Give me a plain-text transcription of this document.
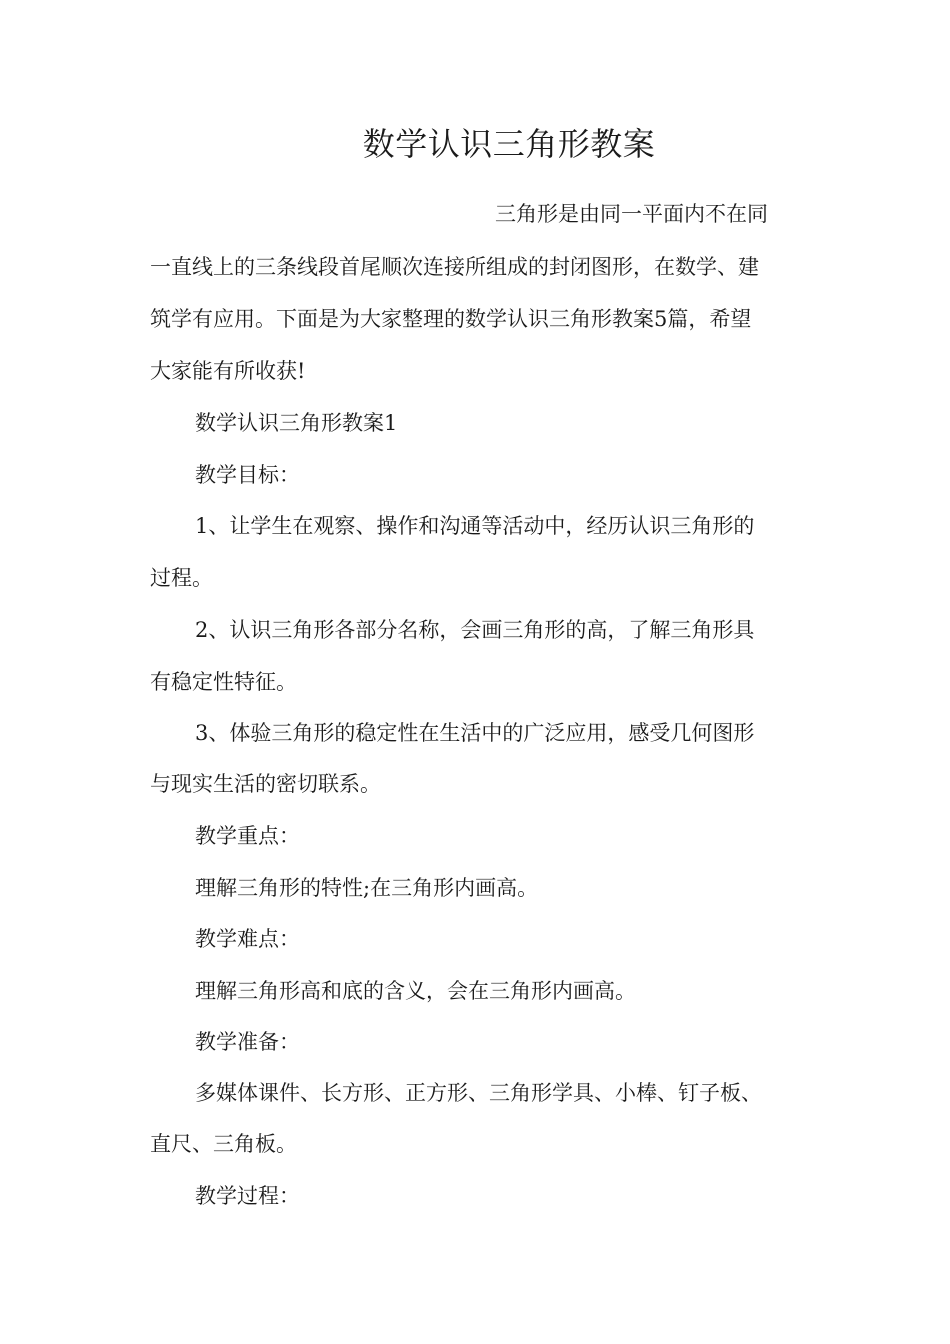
数学认识三角形教案
三角形是由同一平面内不在同
一直线上的三条线段首尾顺次连接所组成的封闭图形，在数学、建
筑学有应用。下面是为大家整理的数学认识三角形教案5篇，希望
大家能有所收获!
数学认识三角形教案1
教学目标：
1、让学生在观察、操作和沟通等活动中，经历认识三角形的
过程。
2、认识三角形各部分名称，会画三角形的高，了解三角形具
有稳定性特征。
3、体验三角形的稳定性在生活中的广泛应用，感受几何图形
与现实生活的密切联系。
教学重点：
理解三角形的特性;在三角形内画高。
教学难点：
理解三角形高和底的含义，会在三角形内画高。
教学准备：
多媒体课件、长方形、正方形、三角形学具、小棒、钉子板、
直尺、三角板。
教学过程：
